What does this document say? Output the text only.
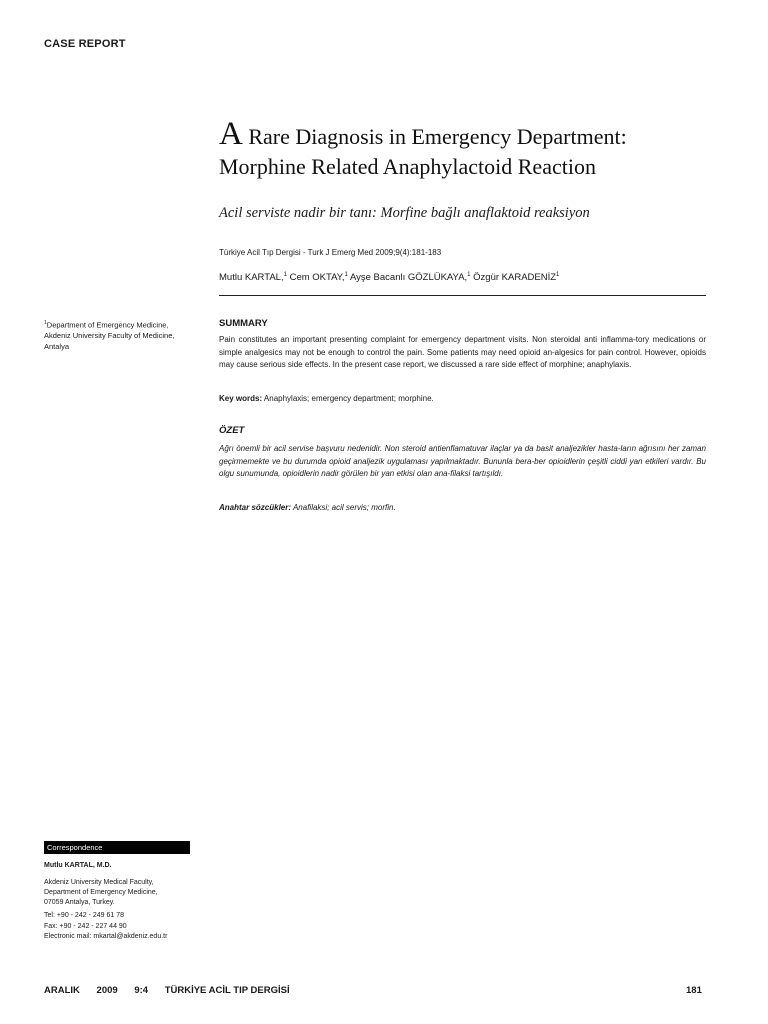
CASE REPORT
A Rare Diagnosis in Emergency Department:
Morphine Related Anaphylactoid Reaction
Acil serviste nadir bir tanı: Morfine bağlı anaflaktoid reaksiyon
Türkiye Acil Tıp Dergisi - Turk J Emerg Med 2009;9(4):181-183
Mutlu KARTAL,$^1$ Cem OKTAY,$^1$ Ayşe Bacanlı GÖZLÜKAYA,$^1$ Özgür KARADENİZ$^1$
$^1$Department of Emergency Medicine,
Akdeniz University Faculty of Medicine,
Antalya
SUMMARY
Pain constitutes an important presenting complaint for emergency department visits. Non steroidal anti inflamma-tory medications or simple analgesics may not be enough to control the pain. Some patients may need opioid an-algesics for pain control. However, opioids may cause serious side effects. In the present case report, we discussed a rare side effect of morphine; anaphylaxis.
Key words: Anaphylaxis; emergency department; morphine.
ÖZET
Ağrı önemli bir acil servise başvuru nedenidir. Non steroid antienflamatuvar ilaçlar ya da basit analjezikler hasta-ların ağrısını her zaman geçirmemekte ve bu durumda opioid analjezik uygulaması yapılmaktadır. Bununla bera-ber opioidlerin çeşitli ciddi yan etkileri vardır. Bu olgu sunumunda, opioidlerin nadir görülen bir yan etkisi olan ana-filaksi tartışıldı.
Anahtar sözcükler: Anafilaksi; acil servis; morfin.
Correspondence
Mutlu KARTAL, M.D.
Akdeniz University Medical Faculty,
Department of Emergency Medicine,
07059 Antalya, Turkey.
Tel: +90 - 242 - 249 61 78
Fax: +90 - 242 - 227 44 90
Electronic mail: mkartal@akdeniz.edu.tr
ARALIK 2009 9:4 TÜRKİYE ACİL TIP DERGİSİ	181
